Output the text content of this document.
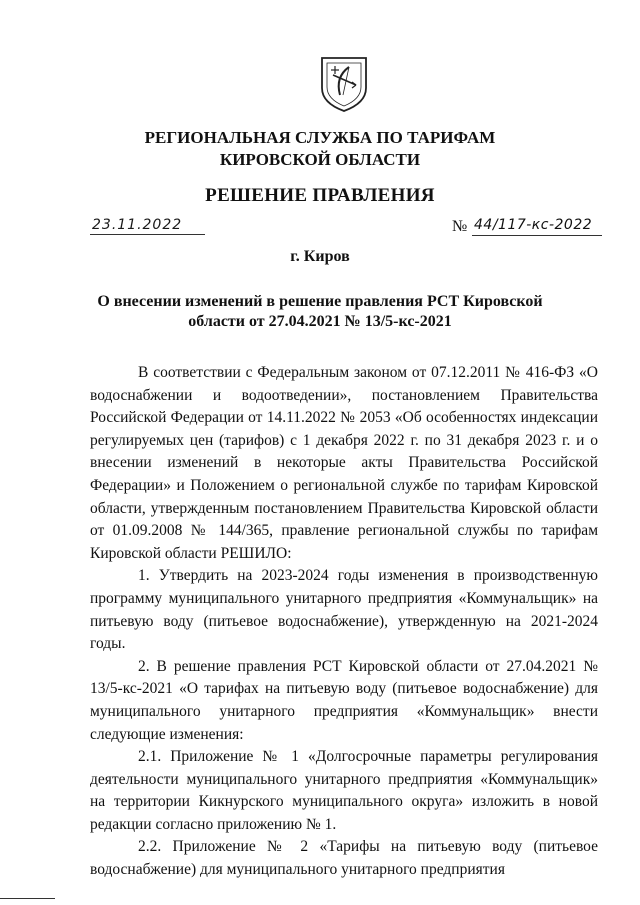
РЕГИОНАЛЬНАЯ СЛУЖБА ПО ТАРИФАМ
КИРОВСКОЙ ОБЛАСТИ
РЕШЕНИЕ ПРАВЛЕНИЯ
23.11.2022	№ 44/117-кс-2022
г. Киров
О внесении изменений в решение правления РСТ Кировской
области от 27.04.2021 № 13/5-кс-2021

В соответствии с Федеральным законом от 07.12.2011 № 416-ФЗ «О водоснабжении и водоотведении», постановлением Правительства Российской Федерации от 14.11.2022 № 2053 «Об особенностях индексации регулируемых цен (тарифов) с 1 декабря 2022 г. по 31 декабря 2023 г. и о внесении изменений в некоторые акты Правительства Российской Федерации» и Положением о региональной службе по тарифам Кировской области, утвержденным постановлением Правительства Кировской области от 01.09.2008 № 144/365, правление региональной службы по тарифам Кировской области РЕШИЛО:

1. Утвердить на 2023-2024 годы изменения в производственную программу муниципального унитарного предприятия «Коммунальщик» на питьевую воду (питьевое водоснабжение), утвержденную на 2021-2024 годы.

2. В решение правления РСТ Кировской области от 27.04.2021 № 13/5-кс-2021 «О тарифах на питьевую воду (питьевое водоснабжение) для муниципального унитарного предприятия «Коммунальщик» внести следующие изменения:

2.1. Приложение № 1 «Долгосрочные параметры регулирования деятельности муниципального унитарного предприятия «Коммунальщик» на территории Кикнурского муниципального округа» изложить в новой редакции согласно приложению № 1.

2.2. Приложение № 2 «Тарифы на питьевую воду (питьевое водоснабжение) для муниципального унитарного предприятия
